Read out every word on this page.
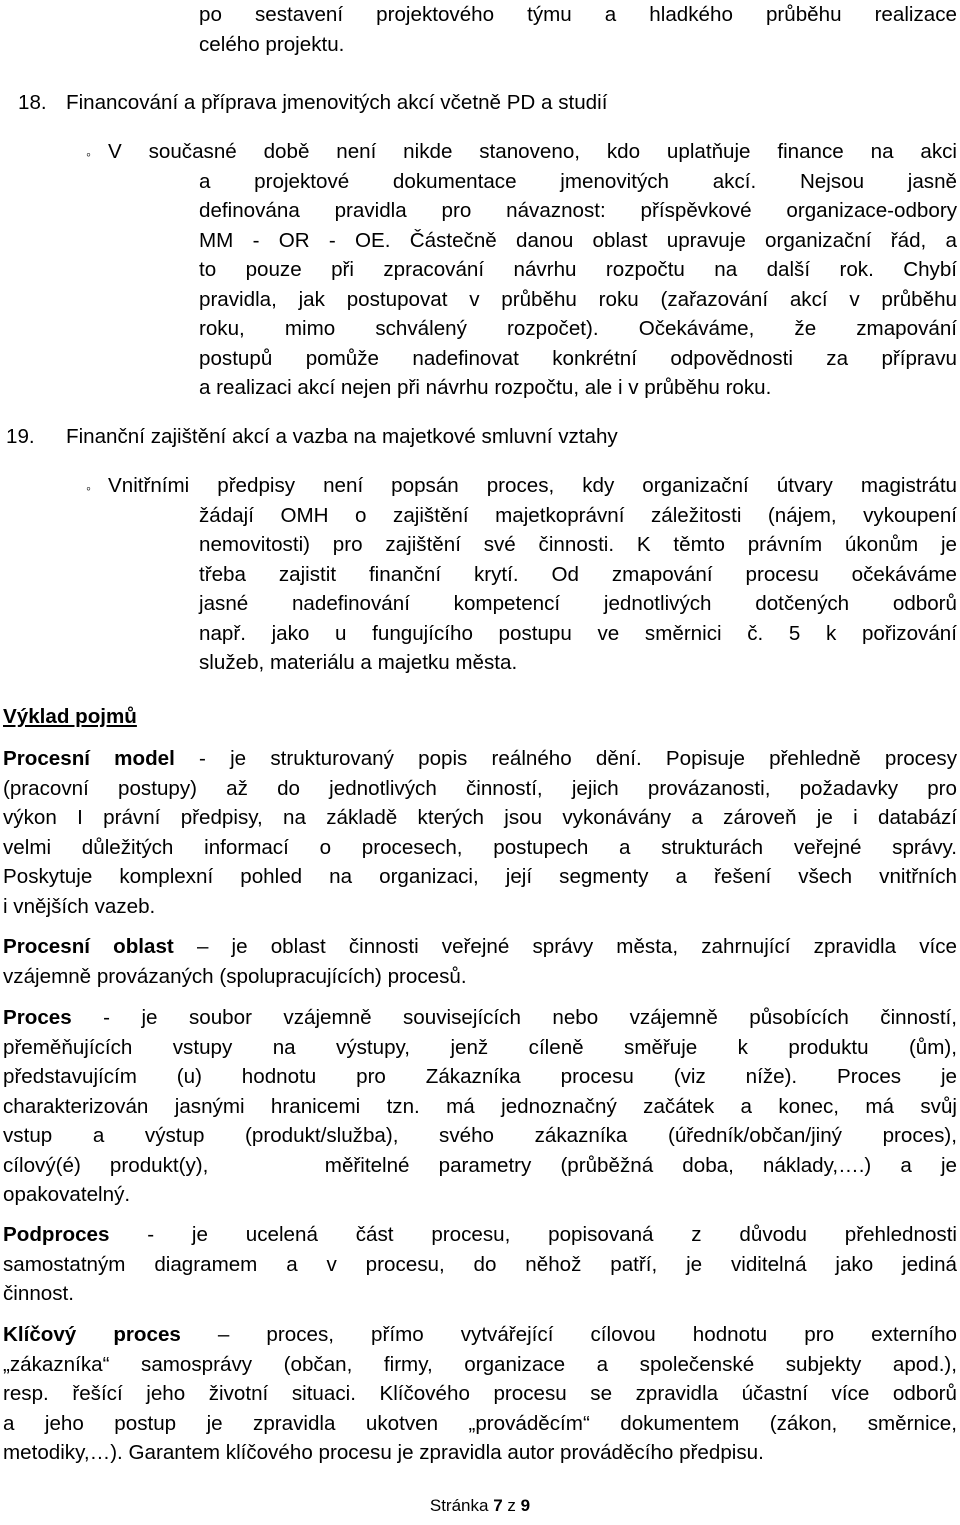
po sestavení projektového týmu a hladkého průběhu realizace
celého projektu.
18. Financování a příprava jmenovitých akcí včetně PD a studií
◦ V současné době není nikde stanoveno, kdo uplatňuje finance na akci
a projektové dokumentace jmenovitých akcí. Nejsou jasně
definována pravidla pro návaznost: příspěvkové organizace-odbory
MM - OR - OE. Částečně danou oblast upravuje organizační řád, a
to pouze při zpracování návrhu rozpočtu na další rok. Chybí
pravidla, jak postupovat v průběhu roku (zařazování akcí v průběhu
roku, mimo schválený rozpočet). Očekáváme, že zmapování
postupů pomůže nadefinovat konkrétní odpovědnosti za přípravu
a realizaci akcí nejen při návrhu rozpočtu, ale i v průběhu roku.
19. Finanční zajištění akcí a vazba na majetkové smluvní vztahy
◦ Vnitřními předpisy není popsán proces, kdy organizační útvary magistrátu
žádají OMH o zajištění majetkoprávní záležitosti (nájem, vykoupení
nemovitosti) pro zajištění své činnosti. K těmto právním úkonům je
třeba zajistit finanční krytí. Od zmapování procesu očekáváme
jasné nadefinování kompetencí jednotlivých dotčených odborů
např. jako u fungujícího postupu ve směrnici č. 5 k pořizování
služeb, materiálu a majetku města.
Výklad pojmů
Procesní model - je strukturovaný popis reálného dění. Popisuje přehledně procesy
(pracovní postupy) až do jednotlivých činností, jejich provázanosti, požadavky pro
výkon I právní předpisy, na základě kterých jsou vykonávány a zároveň je i databází
velmi důležitých informací o procesech, postupech a strukturách veřejné správy.
Poskytuje komplexní pohled na organizaci, její segmenty a řešení všech vnitřních
i vnějších vazeb.
Procesní oblast – je oblast činnosti veřejné správy města, zahrnující zpravidla více
vzájemně provázaných (spolupracujících) procesů.
Proces - je soubor vzájemně souvisejících nebo vzájemně působících činností,
přeměňujících vstupy na výstupy, jenž cíleně směřuje k produktu (ům),
představujícím (u) hodnotu pro Zákazníka procesu (viz níže). Proces je
charakterizován jasnými hranicemi tzn. má jednoznačný začátek a konec, má svůj
vstup a výstup (produkt/služba), svého zákazníka (úředník/občan/jiný proces),
cílový(é) produkt(y),    měřitelné parametry (průběžná doba, náklady,….) a je
opakovatelný.
Podproces - je ucelená část procesu, popisovaná z důvodu přehlednosti
samostatným diagramem a v procesu, do něhož patří, je viditelná jako jediná
činnost.
Klíčový proces – proces, přímo vytvářející cílovou hodnotu pro externího
„zákazníka“ samosprávy (občan, firmy, organizace a společenské subjekty apod.),
resp. řešící jeho životní situaci. Klíčového procesu se zpravidla účastní více odborů
a jeho postup je zpravidla ukotven „prováděcím“ dokumentem (zákon, směrnice,
metodiky,…). Garantem klíčového procesu je zpravidla autor prováděcího předpisu.
Stránka 7 z 9
